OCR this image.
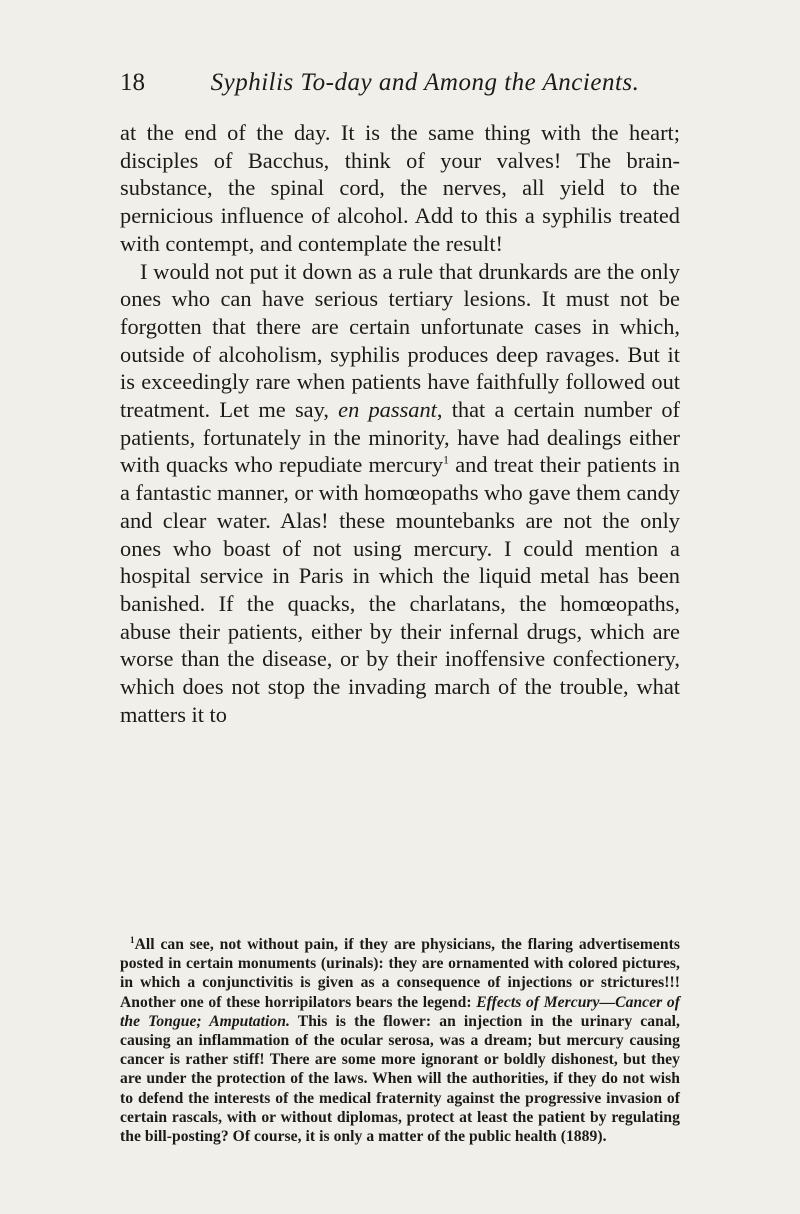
18	Syphilis To-day and Among the Ancients.

at the end of the day. It is the same thing with the heart; disciples of Bacchus, think of your valves! The brain-substance, the spinal cord, the nerves, all yield to the pernicious influence of alcohol. Add to this a syphilis treated with contempt, and contemplate the result!

I would not put it down as a rule that drunkards are the only ones who can have serious tertiary lesions. It must not be forgotten that there are certain unfortunate cases in which, outside of alcoholism, syphilis produces deep ravages. But it is exceedingly rare when patients have faithfully followed out treatment. Let me say, en passant, that a certain number of patients, fortunately in the minority, have had dealings either with quacks who repudiate mercury$^1$ and treat their patients in a fantastic manner, or with homœopaths who gave them candy and clear water. Alas! these mountebanks are not the only ones who boast of not using mercury. I could mention a hospital service in Paris in which the liquid metal has been banished. If the quacks, the charlatans, the homœopaths, abuse their patients, either by their infernal drugs, which are worse than the disease, or by their inoffensive confectionery, which does not stop the invading march of the trouble, what matters it to

$^1$All can see, not without pain, if they are physicians, the flaring advertisements posted in certain monuments (urinals): they are ornamented with colored pictures, in which a conjunctivitis is given as a consequence of injections or strictures!!! Another one of these horripilators bears the legend: Effects of Mercury—Cancer of the Tongue; Amputation. This is the flower: an injection in the urinary canal, causing an inflammation of the ocular serosa, was a dream; but mercury causing cancer is rather stiff! There are some more ignorant or boldly dishonest, but they are under the protection of the laws. When will the authorities, if they do not wish to defend the interests of the medical fraternity against the progressive invasion of certain rascals, with or without diplomas, protect at least the patient by regulating the bill-posting? Of course, it is only a matter of the public health (1889).
